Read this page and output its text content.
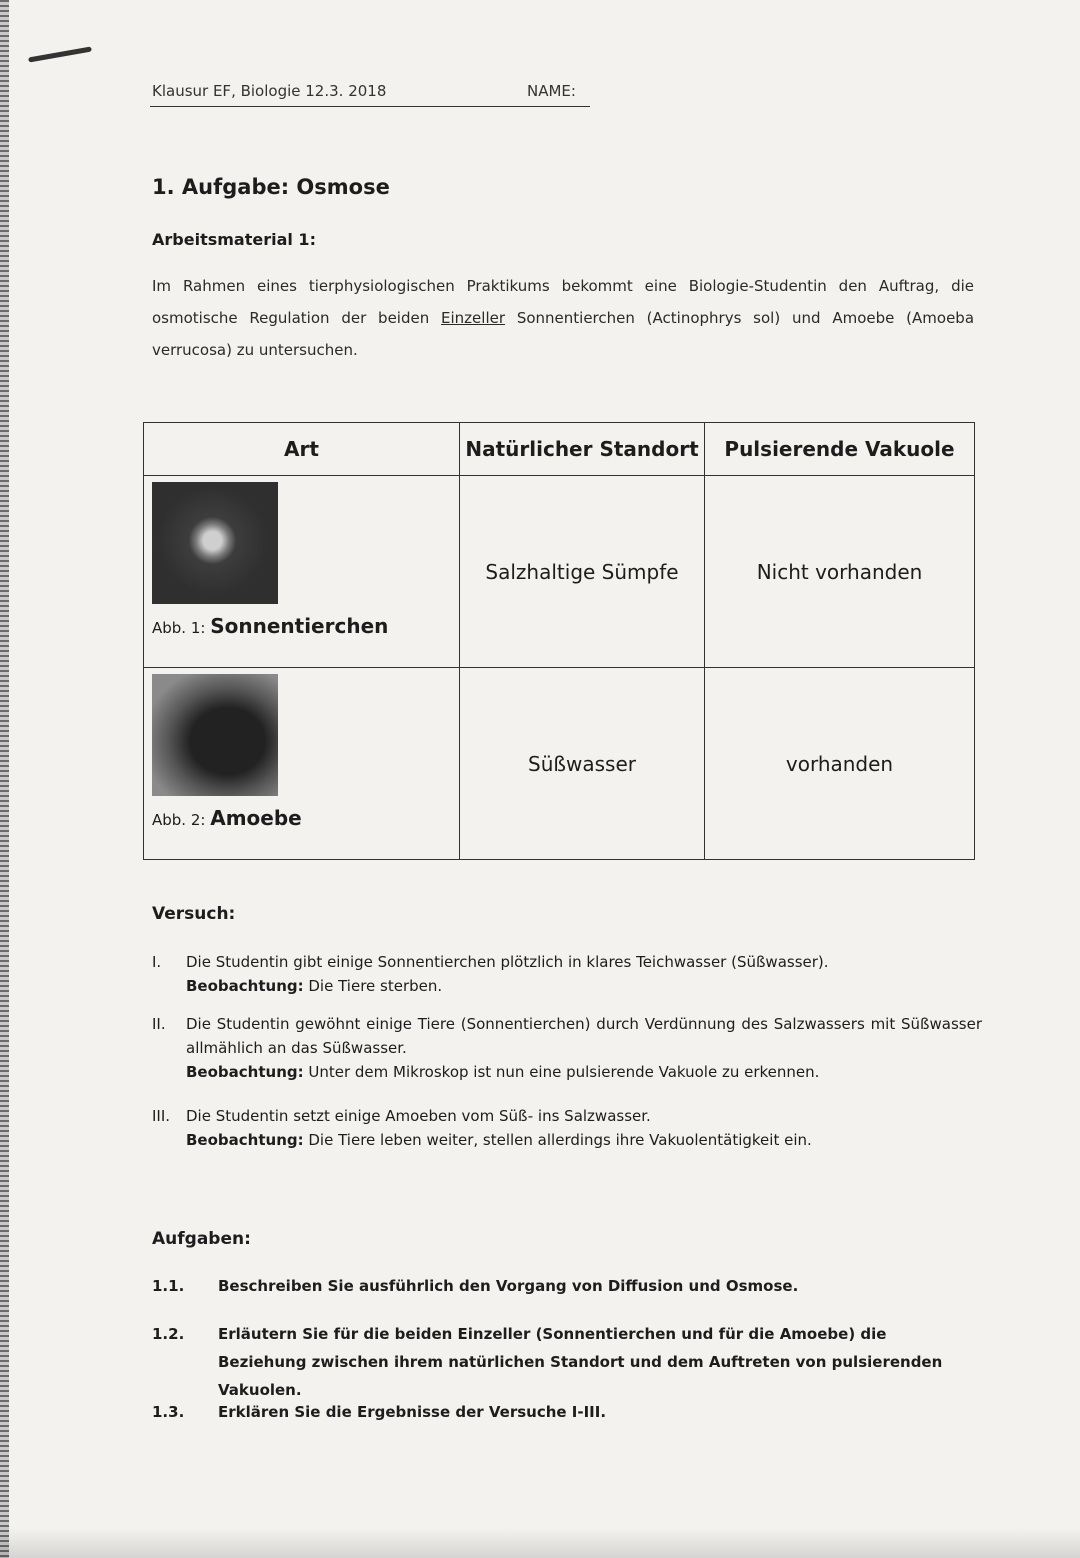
Klausur EF, Biologie 12.3. 2018	NAME:
1. Aufgabe: Osmose
Arbeitsmaterial 1:
Im Rahmen eines tierphysiologischen Praktikums bekommt eine Biologie-Studentin den Auftrag, die osmotische Regulation der beiden Einzeller Sonnentierchen (Actinophrys sol) und Amoebe (Amoeba verrucosa) zu untersuchen.
Art	Natürlicher Standort	Pulsierende Vakuole

Abb. 1: Sonnentierchen	Salzhaltige Sümpfe	Nicht vorhanden

Abb. 2: Amoebe	Süßwasser	vorhanden
Versuch:
I. Die Studentin gibt einige Sonnentierchen plötzlich in klares Teichwasser (Süßwasser).
Beobachtung: Die Tiere sterben.
II. Die Studentin gewöhnt einige Tiere (Sonnentierchen) durch Verdünnung des Salzwassers mit Süßwasser allmählich an das Süßwasser.
Beobachtung: Unter dem Mikroskop ist nun eine pulsierende Vakuole zu erkennen.
III. Die Studentin setzt einige Amoeben vom Süß- ins Salzwasser.
Beobachtung: Die Tiere leben weiter, stellen allerdings ihre Vakuolentätigkeit ein.
Aufgaben:
1.1. Beschreiben Sie ausführlich den Vorgang von Diffusion und Osmose.
1.2. Erläutern Sie für die beiden Einzeller (Sonnentierchen und für die Amoebe) die Beziehung zwischen ihrem natürlichen Standort und dem Auftreten von pulsierenden Vakuolen.
1.3. Erklären Sie die Ergebnisse der Versuche I-III.
